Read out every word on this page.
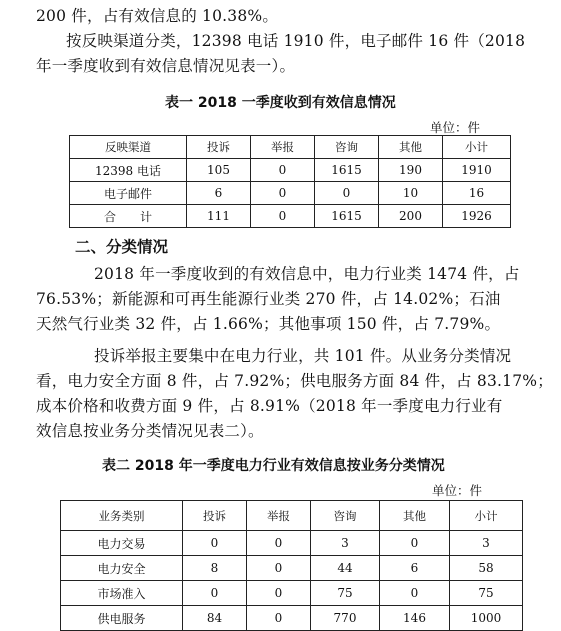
200 件，占有效信息的 10.38%。
按反映渠道分类，12398 电话 1910 件，电子邮件 16 件（2018
年一季度收到有效信息情况见表一）。
表一 2018 一季度收到有效信息情况
单位：件
反映渠道	投诉	举报	咨询	其他	小计
12398 电话	105	0	1615	190	1910
电子邮件	6	0	0	10	16
合　　计	111	0	1615	200	1926
二、分类情况
2018 年一季度收到的有效信息中，电力行业类 1474 件，占
76.53%；新能源和可再生能源行业类 270 件，占 14.02%；石油
天然气行业类 32 件，占 1.66%；其他事项 150 件，占 7.79%。
投诉举报主要集中在电力行业，共 101 件。从业务分类情况
看，电力安全方面 8 件，占 7.92%；供电服务方面 84 件，占 83.17%；
成本价格和收费方面 9 件，占 8.91%（2018 年一季度电力行业有
效信息按业务分类情况见表二）。
表二 2018 年一季度电力行业有效信息按业务分类情况
单位：件
业务类别	投诉	举报	咨询	其他	小计
电力交易	0	0	3	0	3
电力安全	8	0	44	6	58
市场准入	0	0	75	0	75
供电服务	84	0	770	146	1000
